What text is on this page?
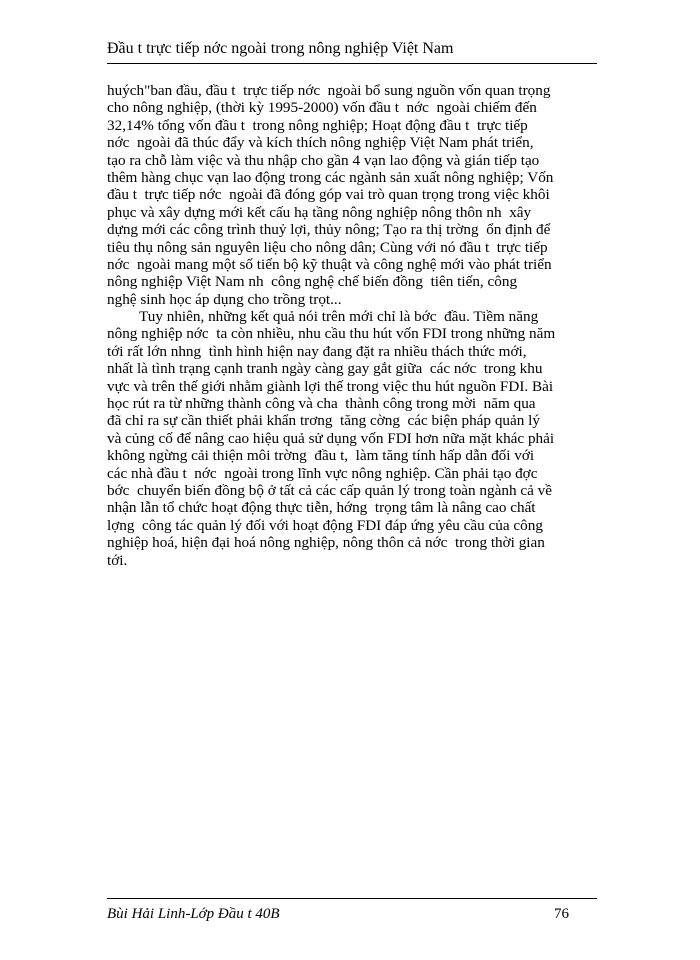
Đầu t trực tiếp nớc ngoài trong nông nghiệp Việt Nam
huých"ban đầu, đầu t  trực tiếp nớc  ngoài bổ sung nguồn vốn quan trọng
cho nông nghiệp, (thời kỳ 1995-2000) vốn đầu t  nớc  ngoài chiếm đến
32,14% tổng vốn đầu t  trong nông nghiệp; Hoạt động đầu t  trực tiếp
nớc  ngoài đã thúc đẩy và kích thích nông nghiệp Việt Nam phát triển,
tạo ra chỗ làm việc và thu nhập cho gần 4 vạn lao động và gián tiếp tạo
thêm hàng chục vạn lao động trong các ngành sản xuất nông nghiệp; Vốn
đầu t  trực tiếp nớc  ngoài đã đóng góp vai trò quan trọng trong việc khôi
phục và xây dựng mới kết cấu hạ tầng nông nghiệp nông thôn nh  xây
dựng mới các công trình thuỷ lợi, thủy nông; Tạo ra thị trờng  ổn định để
tiêu thụ nông sản nguyên liệu cho nông dân; Cùng với nó đầu t  trực tiếp
nớc  ngoài mang một số tiến bộ kỹ thuật và công nghệ mới vào phát triển
nông nghiệp Việt Nam nh  công nghệ chế biến đồng  tiên tiến, công
nghệ sinh học áp dụng cho trồng trọt...
Tuy nhiên, những kết quả nói trên mới chỉ là bớc  đầu. Tiềm năng
nông nghiệp nớc  ta còn nhiều, nhu cầu thu hút vốn FDI trong những năm
tới rất lớn nhng  tình hình hiện nay đang đặt ra nhiều thách thức mới,
nhất là tình trạng cạnh tranh ngày càng gay gắt giữa  các nớc  trong khu
vực và trên thế giới nhằm giành lợi thế trong việc thu hút nguồn FDI. Bài
học rút ra từ những thành công và cha  thành công trong mời  năm qua
đã chỉ ra sự cần thiết phải khẩn trơng  tăng cờng  các biện pháp quản lý
và củng cố để nâng cao hiệu quả sử dụng vốn FDI hơn nữa mặt khác phải
không ngừng cải thiện môi trờng  đầu t,  làm tăng tính hấp dẫn đối với
các nhà đầu t  nớc  ngoài trong lĩnh vực nông nghiệp. Cần phải tạo đợc
bớc  chuyển biến đồng bộ ở tất cả các cấp quản lý trong toàn ngành cả về
nhận lẫn tổ chức hoạt động thực tiễn, hớng  trọng tâm là nâng cao chất
lợng  công tác quản lý đối với hoạt động FDI đáp ứng yêu cầu của công
nghiệp hoá, hiện đại hoá nông nghiệp, nông thôn cả nớc  trong thời gian
tới.
Bùi Hải Linh-Lớp Đầu t 40B	76
